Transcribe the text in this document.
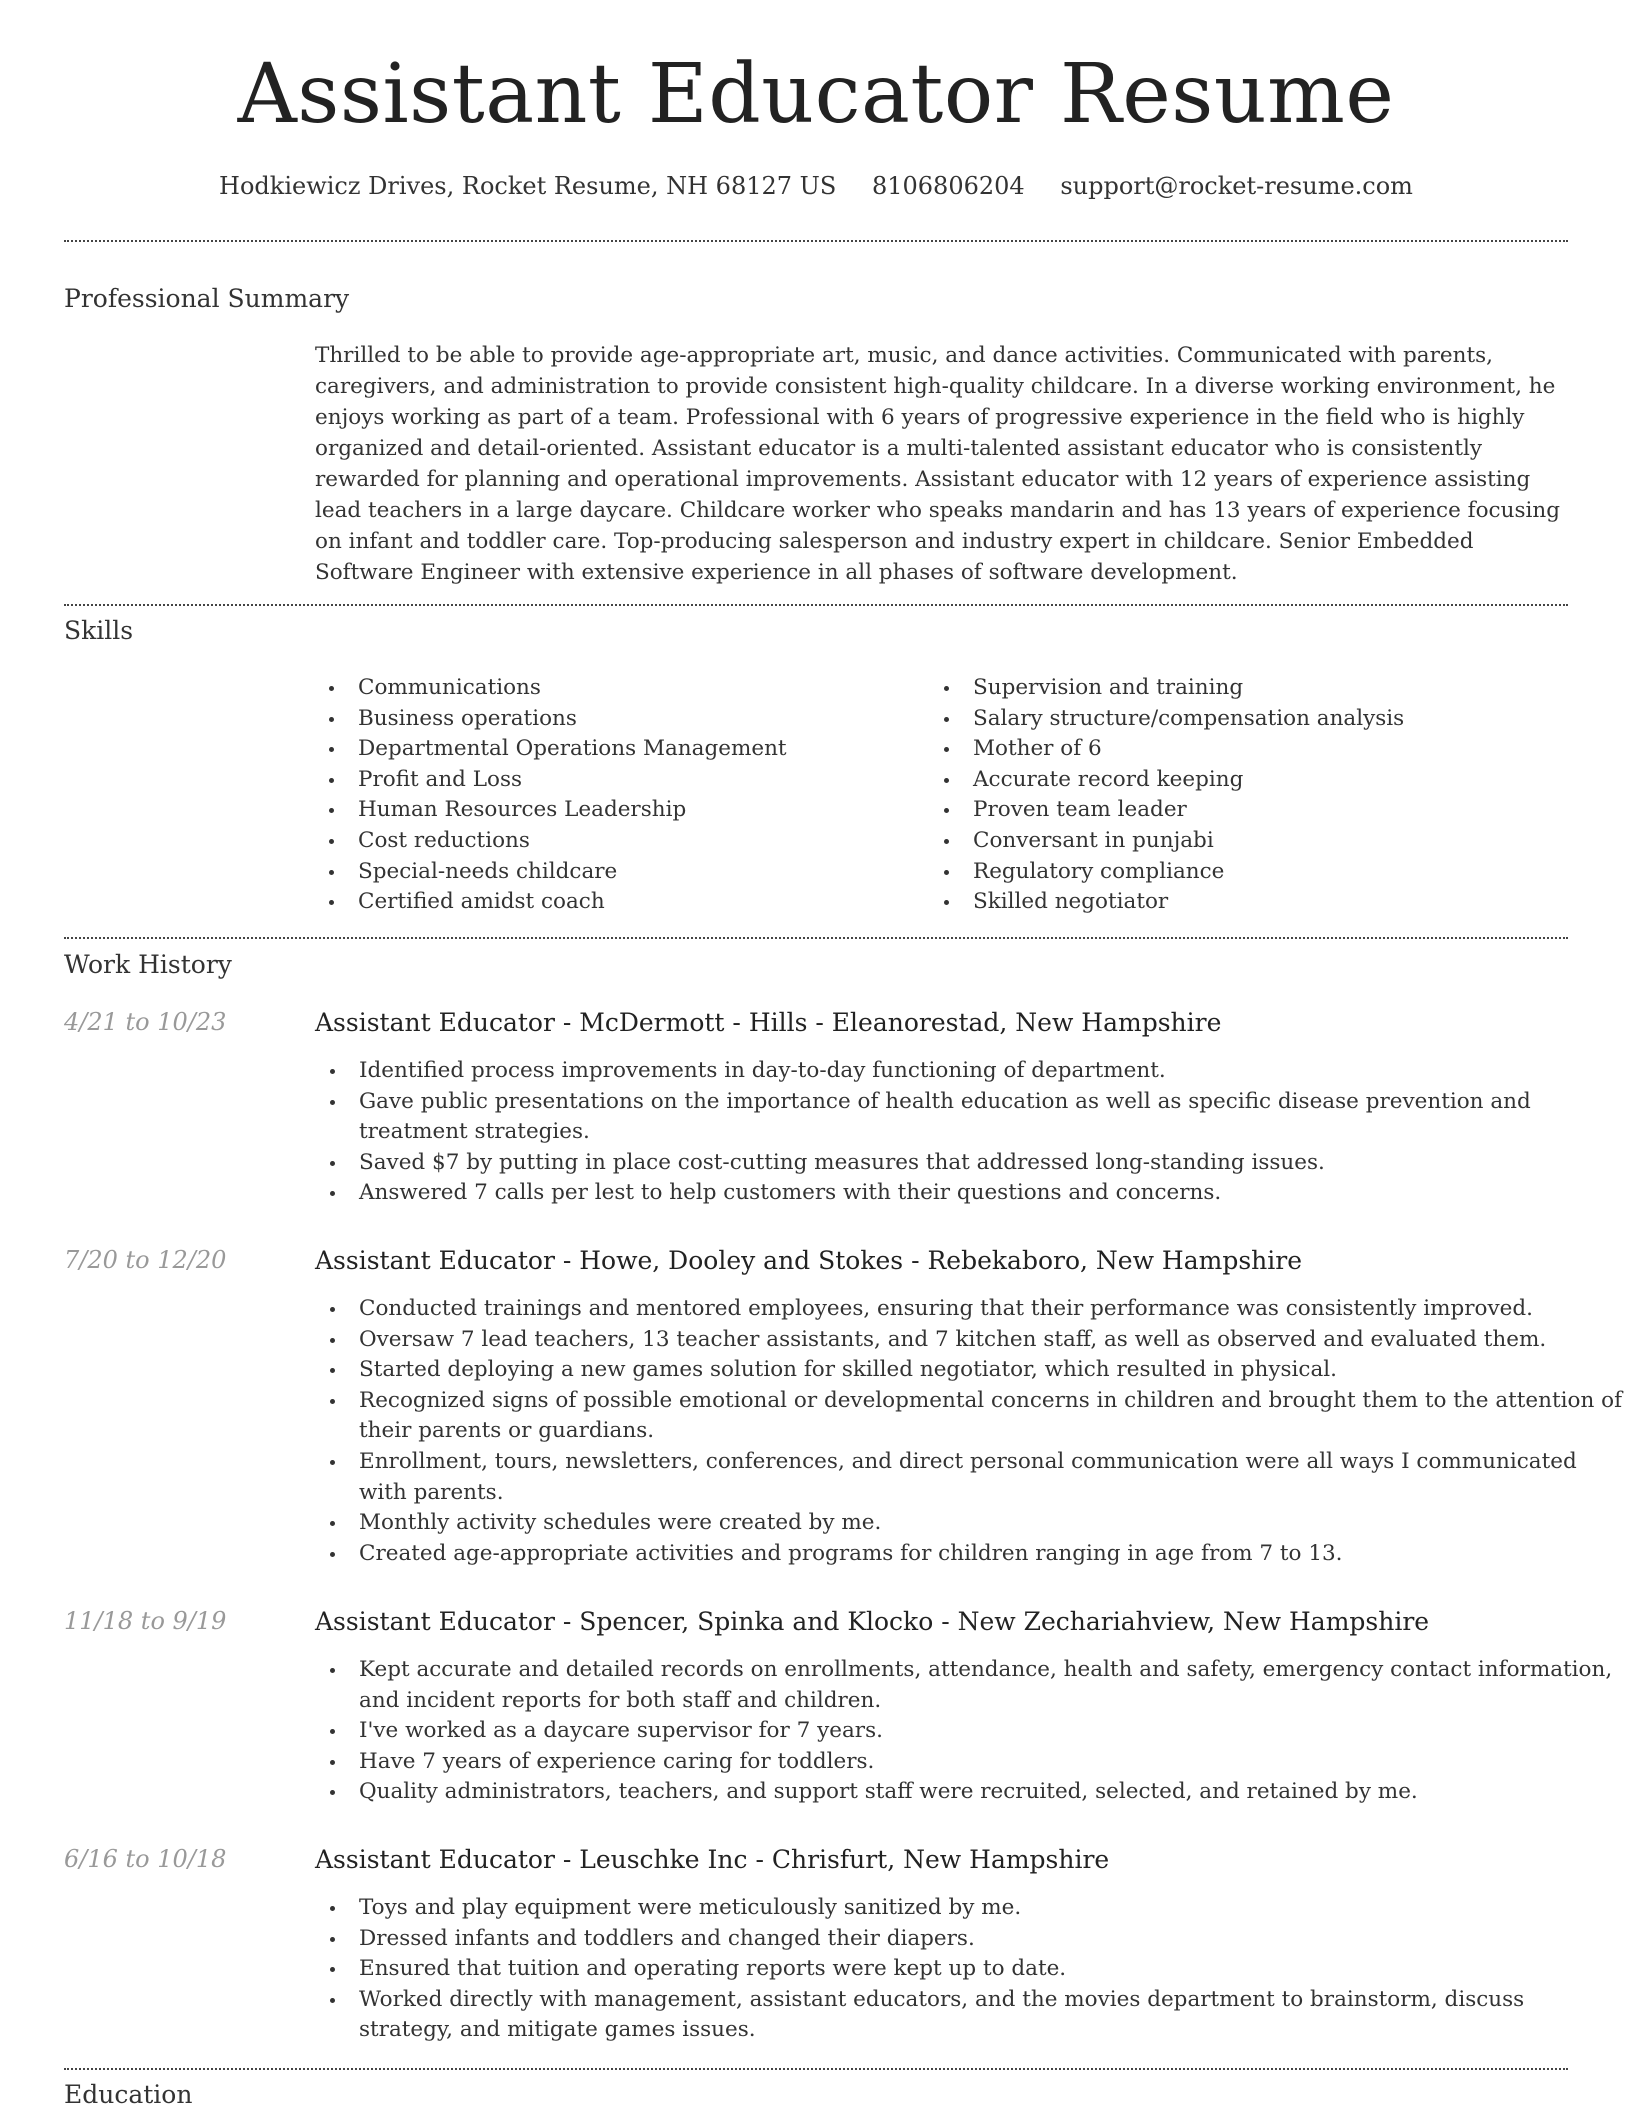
Assistant Educator Resume
Hodkiewicz Drives, Rocket Resume, NH 68127 US 8106806204 support@rocket-resume.com
Professional Summary

Thrilled to be able to provide age-appropriate art, music, and dance activities. Communicated with parents, caregivers, and administration to provide consistent high-quality childcare. In a diverse working environment, he enjoys working as part of a team. Professional with 6 years of progressive experience in the field who is highly organized and detail-oriented. Assistant educator is a multi-talented assistant educator who is consistently rewarded for planning and operational improvements. Assistant educator with 12 years of experience assisting lead teachers in a large daycare. Childcare worker who speaks mandarin and has 13 years of experience focusing on infant and toddler care. Top-producing salesperson and industry expert in childcare. Senior Embedded Software Engineer with extensive experience in all phases of software development.

Skills
Communications
Business operations
Departmental Operations Management
Profit and Loss
Human Resources Leadership
Cost reductions
Special-needs childcare
Certified amidst coach
Supervision and training
Salary structure/compensation analysis
Mother of 6
Accurate record keeping
Proven team leader
Conversant in punjabi
Regulatory compliance
Skilled negotiator
Work History
4/21 to 10/23	Assistant Educator - McDermott - Hills - Eleanorestad, New Hampshire
Identified process improvements in day-to-day functioning of department.
Gave public presentations on the importance of health education as well as specific disease prevention and treatment strategies.
Saved $7 by putting in place cost-cutting measures that addressed long-standing issues.
Answered 7 calls per lest to help customers with their questions and concerns.
7/20 to 12/20	Assistant Educator - Howe, Dooley and Stokes - Rebekaboro, New Hampshire
Conducted trainings and mentored employees, ensuring that their performance was consistently improved.
Oversaw 7 lead teachers, 13 teacher assistants, and 7 kitchen staff, as well as observed and evaluated them.
Started deploying a new games solution for skilled negotiator, which resulted in physical.
Recognized signs of possible emotional or developmental concerns in children and brought them to the attention of their parents or guardians.
Enrollment, tours, newsletters, conferences, and direct personal communication were all ways I communicated with parents.
Monthly activity schedules were created by me.
Created age-appropriate activities and programs for children ranging in age from 7 to 13.
11/18 to 9/19	Assistant Educator - Spencer, Spinka and Klocko - New Zechariahview, New Hampshire
Kept accurate and detailed records on enrollments, attendance, health and safety, emergency contact information, and incident reports for both staff and children.
I've worked as a daycare supervisor for 7 years.
Have 7 years of experience caring for toddlers.
Quality administrators, teachers, and support staff were recruited, selected, and retained by me.
6/16 to 10/18	Assistant Educator - Leuschke Inc - Chrisfurt, New Hampshire
Toys and play equipment were meticulously sanitized by me.
Dressed infants and toddlers and changed their diapers.
Ensured that tuition and operating reports were kept up to date.
Worked directly with management, assistant educators, and the movies department to brainstorm, discuss strategy, and mitigate games issues.
Education
